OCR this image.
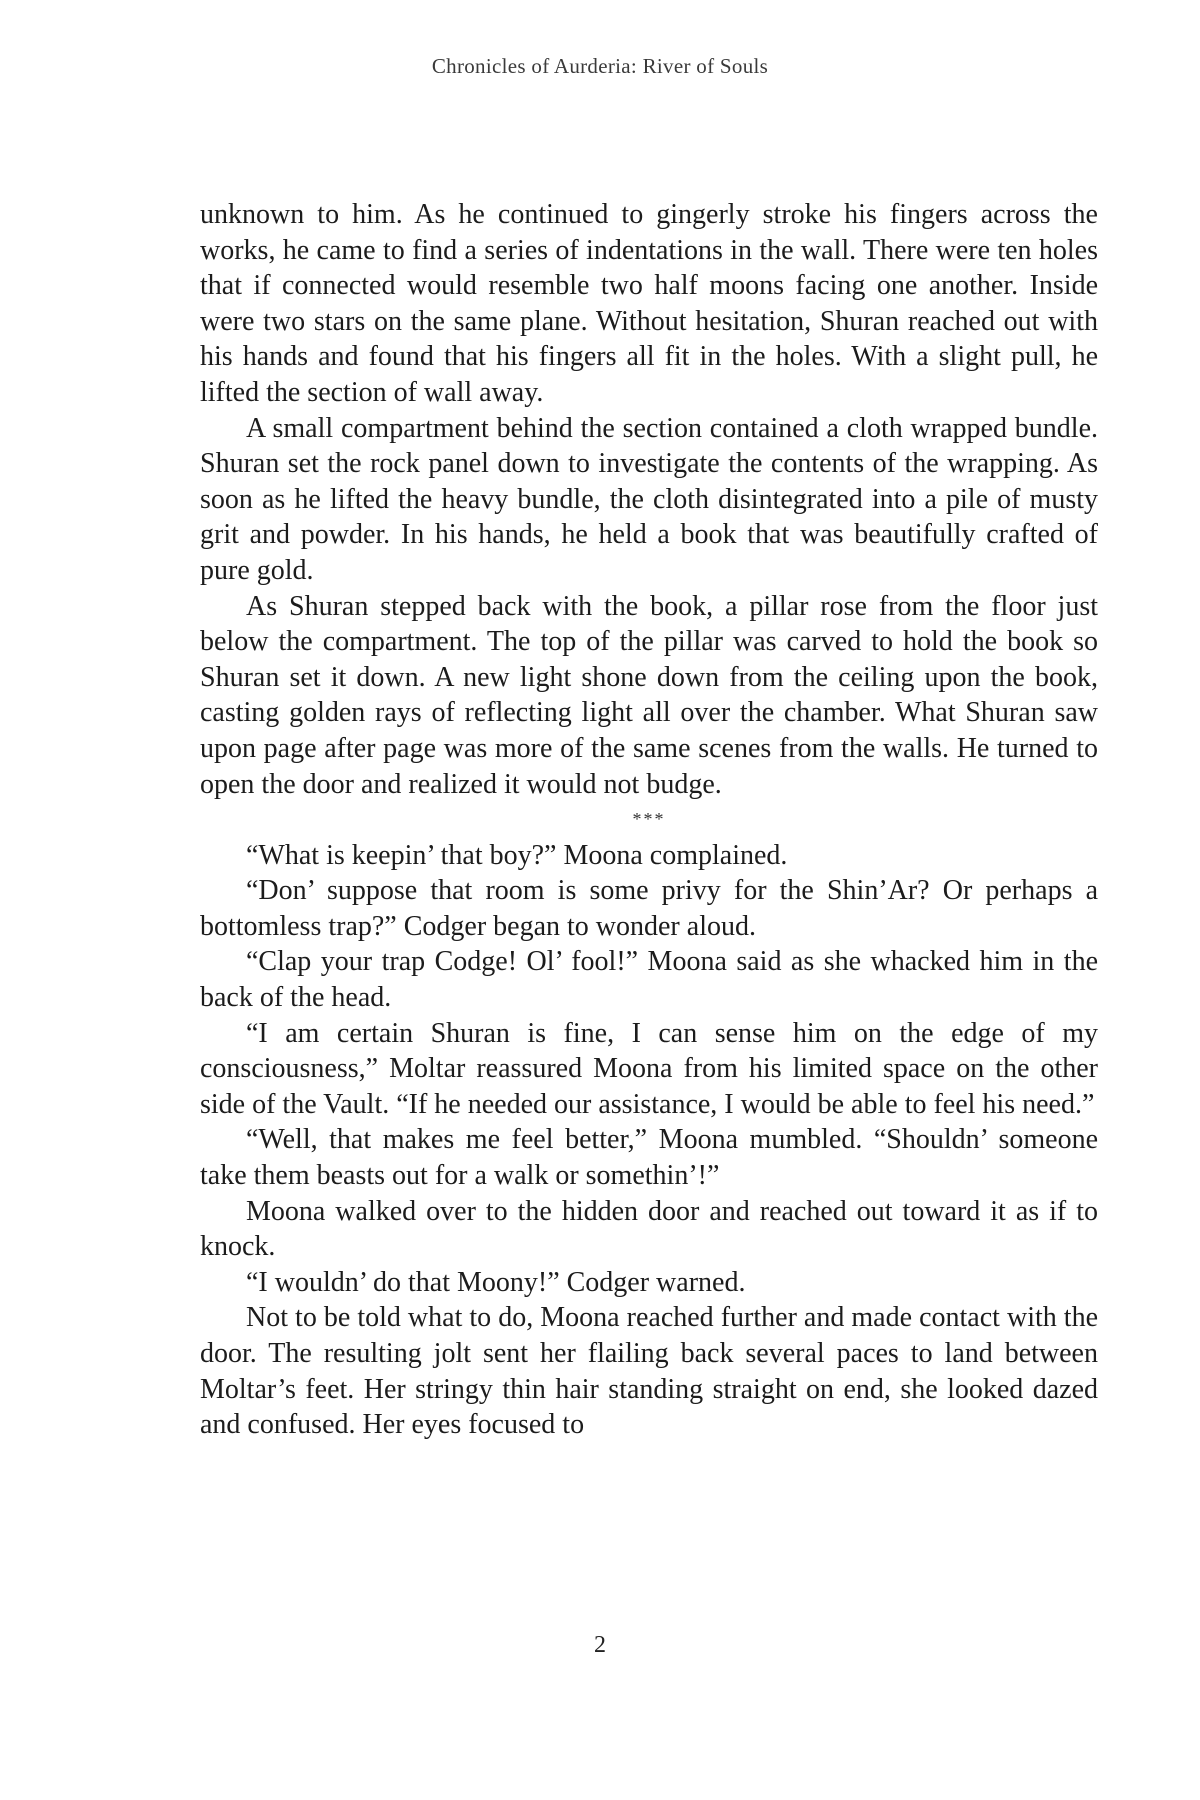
Chronicles of Aurderia: River of Souls

unknown to him. As he continued to gingerly stroke his fingers across the works, he came to find a series of indentations in the wall. There were ten holes that if connected would resemble two half moons facing one another. Inside were two stars on the same plane. Without hesitation, Shuran reached out with his hands and found that his fingers all fit in the holes. With a slight pull, he lifted the section of wall away.

A small compartment behind the section contained a cloth wrapped bundle. Shuran set the rock panel down to investigate the contents of the wrapping. As soon as he lifted the heavy bundle, the cloth disintegrated into a pile of musty grit and powder. In his hands, he held a book that was beautifully crafted of pure gold.

As Shuran stepped back with the book, a pillar rose from the floor just below the compartment. The top of the pillar was carved to hold the book so Shuran set it down. A new light shone down from the ceiling upon the book, casting golden rays of reflecting light all over the chamber. What Shuran saw upon page after page was more of the same scenes from the walls. He turned to open the door and realized it would not budge.

***

“What is keepin’ that boy?” Moona complained.

“Don’ suppose that room is some privy for the Shin’Ar? Or perhaps a bottomless trap?” Codger began to wonder aloud.

“Clap your trap Codge! Ol’ fool!” Moona said as she whacked him in the back of the head.

“I am certain Shuran is fine, I can sense him on the edge of my consciousness,” Moltar reassured Moona from his limited space on the other side of the Vault. “If he needed our assistance, I would be able to feel his need.”

“Well, that makes me feel better,” Moona mumbled. “Shouldn’ someone take them beasts out for a walk or somethin’!”

Moona walked over to the hidden door and reached out toward it as if to knock.

“I wouldn’ do that Moony!” Codger warned.

Not to be told what to do, Moona reached further and made contact with the door. The resulting jolt sent her flailing back several paces to land between Moltar’s feet. Her stringy thin hair standing straight on end, she looked dazed and confused. Her eyes focused to

2
